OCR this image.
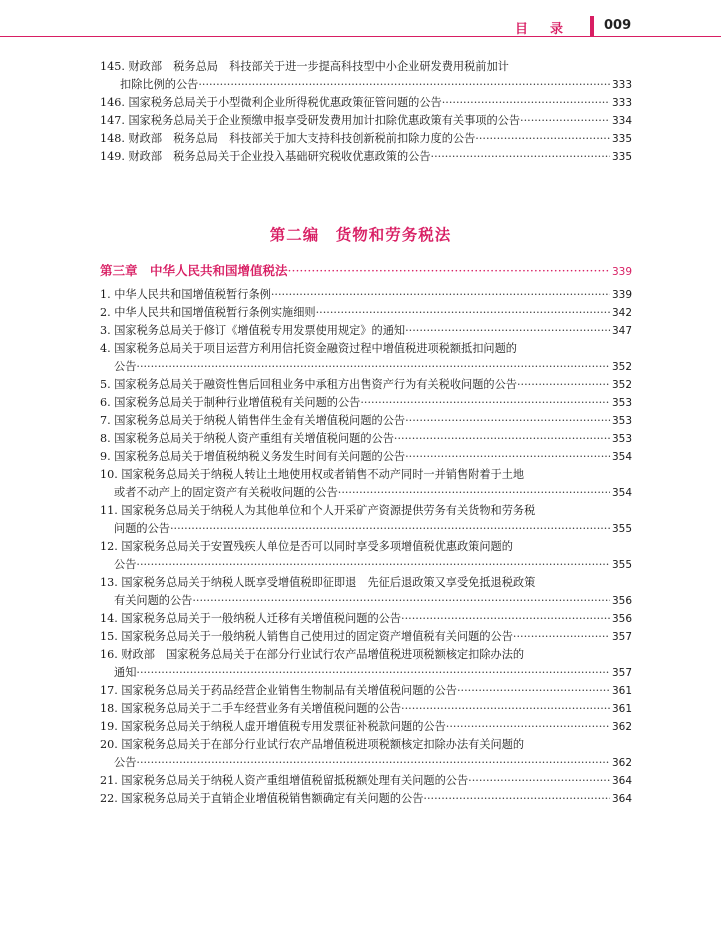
目 录	009
145. 财政部　税务总局　科技部关于进一步提高科技型中小企业研发费用税前加计
扣除比例的公告 ·····	333
146. 国家税务总局关于小型微利企业所得税优惠政策征管问题的公告 ·····	333
147. 国家税务总局关于企业预缴申报享受研发费用加计扣除优惠政策有关事项的公告 ·····	334
148. 财政部　税务总局　科技部关于加大支持科技创新税前扣除力度的公告 ·····	335
149. 财政部　税务总局关于企业投入基础研究税收优惠政策的公告 ·····	335
第二编　货物和劳务税法
第三章　中华人民共和国增值税法 ·····	339
1. 中华人民共和国增值税暂行条例 ·····	339
2. 中华人民共和国增值税暂行条例实施细则 ·····	342
3. 国家税务总局关于修订《增值税专用发票使用规定》的通知 ·····	347
4. 国家税务总局关于项目运营方利用信托资金融资过程中增值税进项税额抵扣问题的
公告 ·····	352
5. 国家税务总局关于融资性售后回租业务中承租方出售资产行为有关税收问题的公告 ·····	352
6. 国家税务总局关于制种行业增值税有关问题的公告 ·····	353
7. 国家税务总局关于纳税人销售伴生金有关增值税问题的公告 ·····	353
8. 国家税务总局关于纳税人资产重组有关增值税问题的公告 ·····	353
9. 国家税务总局关于增值税纳税义务发生时间有关问题的公告 ·····	354
10. 国家税务总局关于纳税人转让土地使用权或者销售不动产同时一并销售附着于土地
或者不动产上的固定资产有关税收问题的公告 ·····	354
11. 国家税务总局关于纳税人为其他单位和个人开采矿产资源提供劳务有关货物和劳务税
问题的公告 ·····	355
12. 国家税务总局关于安置残疾人单位是否可以同时享受多项增值税优惠政策问题的
公告 ·····	355
13. 国家税务总局关于纳税人既享受增值税即征即退　先征后退政策又享受免抵退税政策
有关问题的公告 ·····	356
14. 国家税务总局关于一般纳税人迁移有关增值税问题的公告 ·····	356
15. 国家税务总局关于一般纳税人销售自己使用过的固定资产增值税有关问题的公告 ·····	357
16. 财政部　国家税务总局关于在部分行业试行农产品增值税进项税额核定扣除办法的
通知 ·····	357
17. 国家税务总局关于药品经营企业销售生物制品有关增值税问题的公告 ·····	361
18. 国家税务总局关于二手车经营业务有关增值税问题的公告 ·····	361
19. 国家税务总局关于纳税人虚开增值税专用发票征补税款问题的公告 ·····	362
20. 国家税务总局关于在部分行业试行农产品增值税进项税额核定扣除办法有关问题的
公告 ·····	362
21. 国家税务总局关于纳税人资产重组增值税留抵税额处理有关问题的公告 ·····	364
22. 国家税务总局关于直销企业增值税销售额确定有关问题的公告 ·····	364
